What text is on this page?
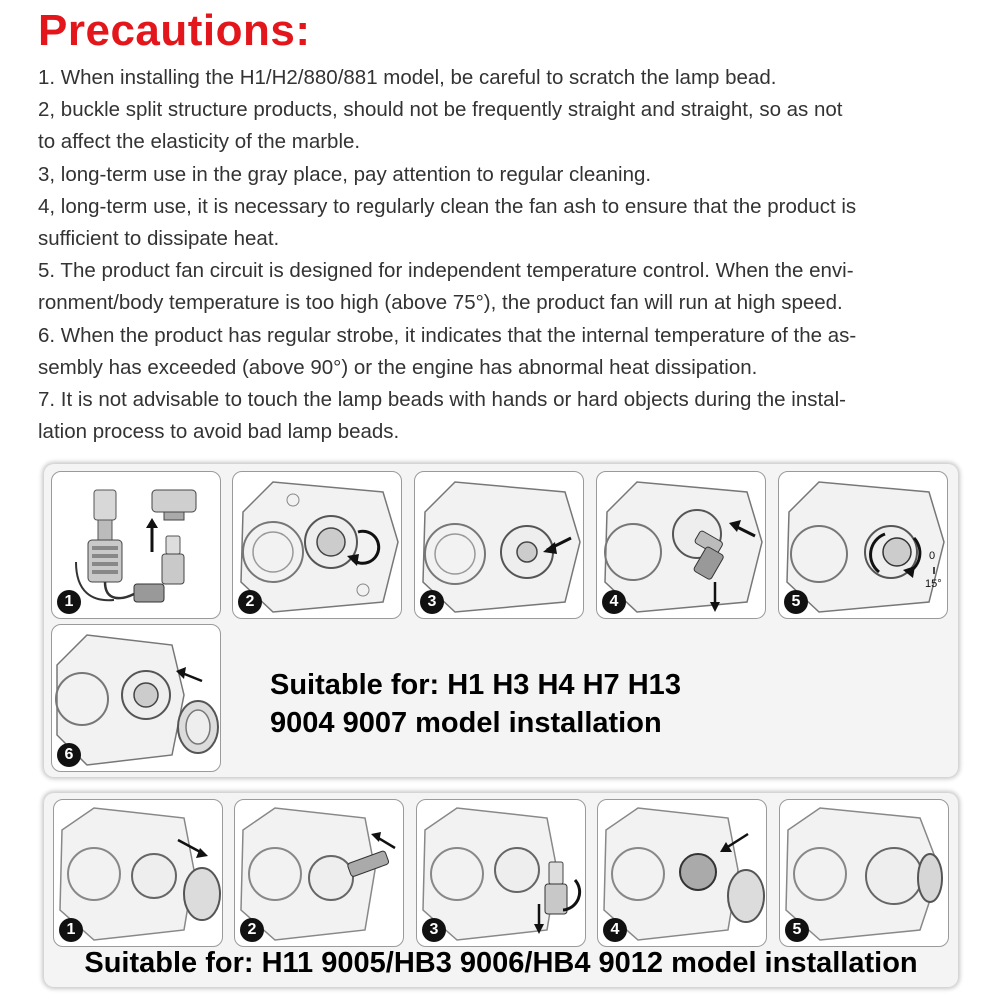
Precautions:
1. When installing the H1/H2/880/881 model, be careful to scratch the lamp bead.
2, buckle split structure products, should not be frequently straight and straight, so as not
to affect the elasticity of the marble.
3, long-term use in the gray place, pay attention to regular cleaning.
4, long-term use, it is necessary to regularly clean the fan ash to ensure that the product is
sufficient to dissipate heat.
5. The product fan circuit is designed for independent temperature control. When the envi-
ronment/body temperature is too high (above 75°), the product fan will run at high speed.
6. When the product has regular strobe, it indicates that the internal temperature of the as-
sembly has exceeded (above 90°) or the engine has abnormal heat dissipation.
7. It is not advisable to touch the lamp beads with hands or hard objects during the instal-
lation process to avoid bad lamp beads.
1	2	3	4
0
15°
5
6
Suitable for: H1 H3 H4 H7 H13
9004 9007 model installation
1	2	3	4	5
Suitable for: H11 9005/HB3 9006/HB4 9012 model installation
